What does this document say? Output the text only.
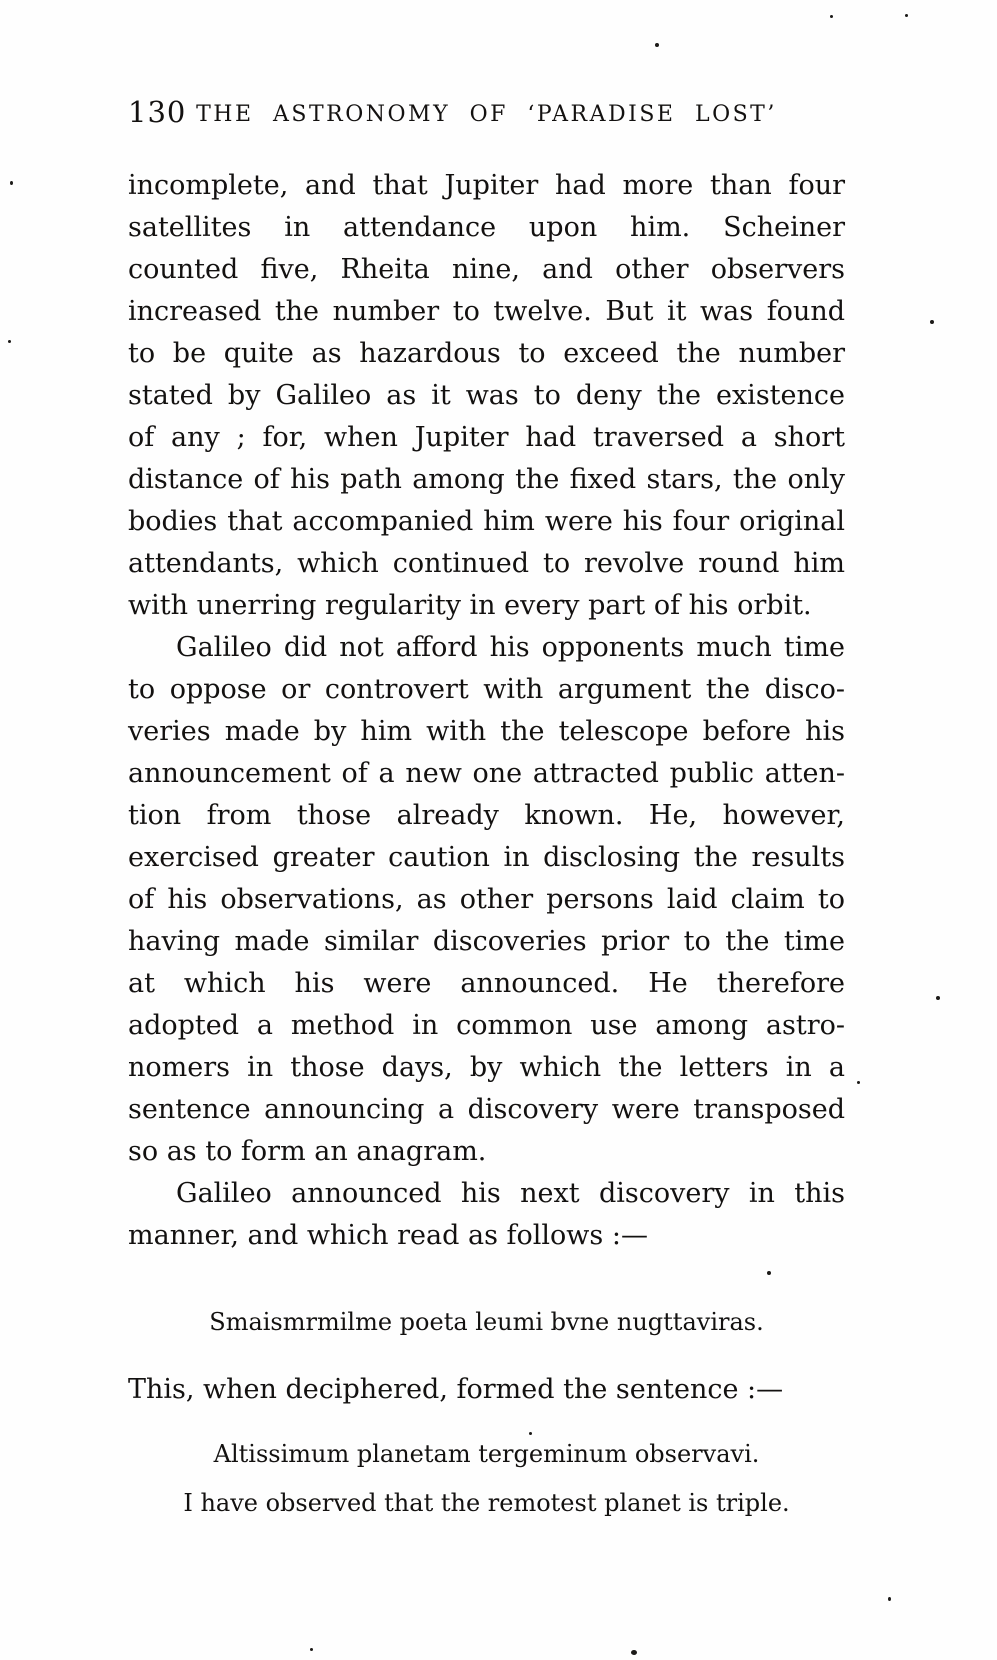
130 THE ASTRONOMY OF ‘PARADISE LOST’
incomplete, and that Jupiter had more than four
satellites in attendance upon him. Scheiner
counted five, Rheita nine, and other observers
increased the number to twelve. But it was found
to be quite as hazardous to exceed the number
stated by Galileo as it was to deny the existence
of any ; for, when Jupiter had traversed a short
distance of his path among the fixed stars, the only
bodies that accompanied him were his four original
attendants, which continued to revolve round him
with unerring regularity in every part of his orbit.
Galileo did not afford his opponents much time
to oppose or controvert with argument the disco-
veries made by him with the telescope before his
announcement of a new one attracted public atten-
tion from those already known. He, however,
exercised greater caution in disclosing the results
of his observations, as other persons laid claim to
having made similar discoveries prior to the time
at which his were announced. He therefore
adopted a method in common use among astro-
nomers in those days, by which the letters in a
sentence announcing a discovery were transposed
so as to form an anagram.
Galileo announced his next discovery in this
manner, and which read as follows :—
Smaismrmilme poeta leumi bvne nugttaviras.
This, when deciphered, formed the sentence :—
Altissimum planetam tergeminum observavi.
I have observed that the remotest planet is triple.
